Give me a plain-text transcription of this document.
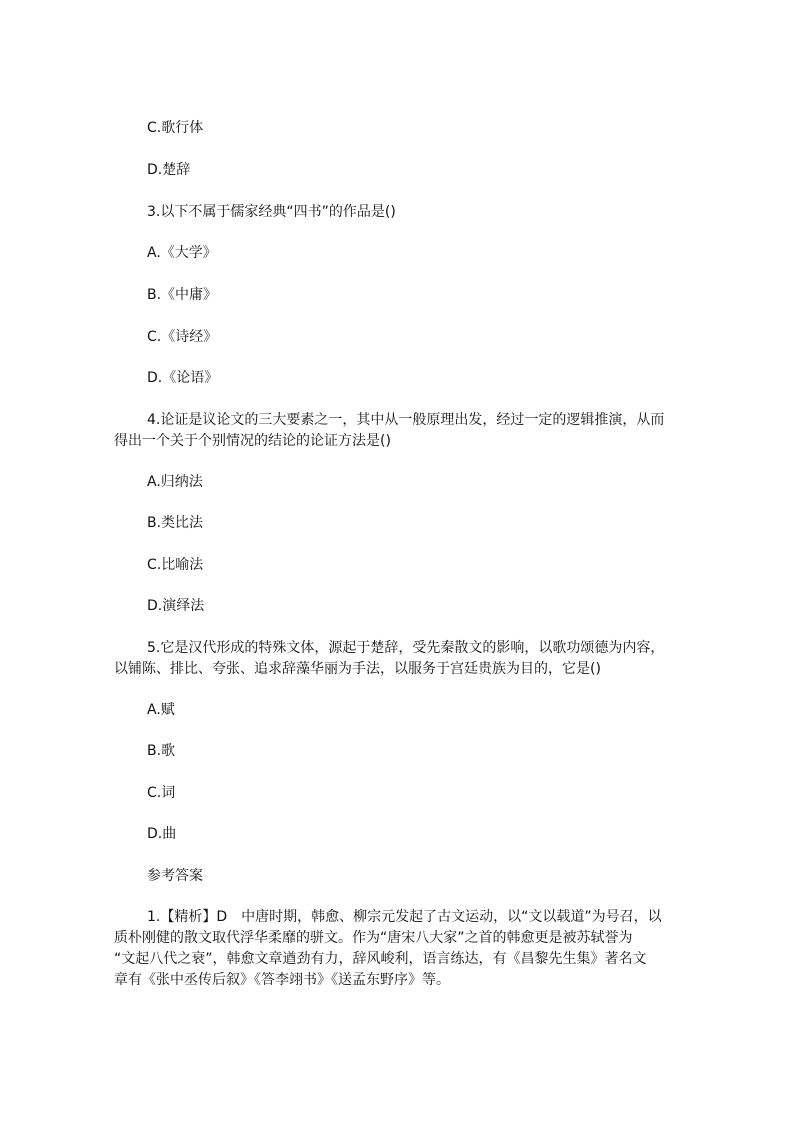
C.歌行体
D.楚辞
3.以下不属于儒家经典“四书”的作品是()
A.《大学》
B.《中庸》
C.《诗经》
D.《论语》
4.论证是议论文的三大要素之一，其中从一般原理出发，经过一定的逻辑推演，从而
得出一个关于个别情况的结论的论证方法是()
A.归纳法
B.类比法
C.比喻法
D.演绎法
5.它是汉代形成的特殊文体，源起于楚辞，受先秦散文的影响，以歌功颂德为内容，
以铺陈、排比、夸张、追求辞藻华丽为手法，以服务于宫廷贵族为目的，它是()
A.赋
B.歌
C.词
D.曲
参考答案
1.【精析】D　中唐时期，韩愈、柳宗元发起了古文运动，以“文以载道”为号召，以
质朴刚健的散文取代浮华柔靡的骈文。作为“唐宋八大家”之首的韩愈更是被苏轼誉为
“文起八代之衰”，韩愈文章遒劲有力，辞风峻利，语言练达，有《昌黎先生集》著名文
章有《张中丞传后叙》《答李翊书》《送孟东野序》等。
